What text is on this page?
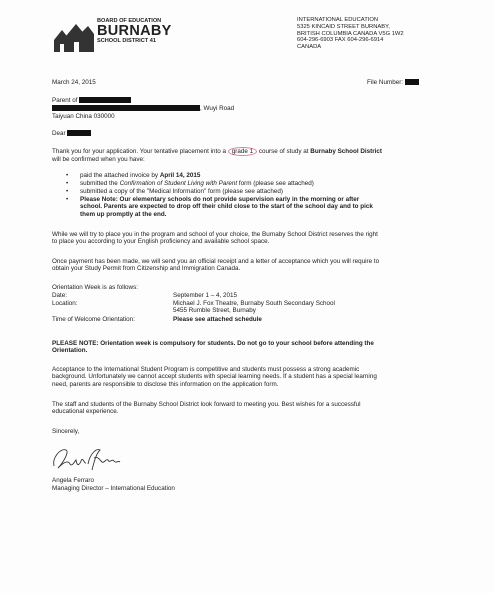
BOARD OF EDUCATION
BURNABY
SCHOOL DISTRICT 41
INTERNATIONAL EDUCATION
5325 KINCAID STREET BURNABY,
BRITISH COLUMBIA CANADA V5G 1W2
604-296-6903 FAX 604-296-6914
CANADA
March 24, 2015	File Number:
Parent of
, Wuyi Road
Taiyuan China 030000
Dear
Thank you for your application. Your tentative placement into a grade 1 course of study at Burnaby School District
will be confirmed when you have:
• paid the attached invoice by April 14, 2015
• submitted the Confirmation of Student Living with Parent form (please see attached)
• submitted a copy of the "Medical Information" form (please see attached)
• Please Note: Our elementary schools do not provide supervision early in the morning or after
school. Parents are expected to drop off their child close to the start of the school day and to pick
them up promptly at the end.
While we will try to place you in the program and school of your choice, the Burnaby School District reserves the right
to place you according to your English proficiency and available school space.
Once payment has been made, we will send you an official receipt and a letter of acceptance which you will require to
obtain your Study Permit from Citizenship and Immigration Canada.
Orientation Week is as follows:
Date:	September 1 – 4, 2015
Location:	Michael J. Fox Theatre, Burnaby South Secondary School
5455 Rumble Street, Burnaby
Time of Welcome Orientation:	Please see attached schedule
PLEASE NOTE: Orientation week is compulsory for students. Do not go to your school before attending the
Orientation.
Acceptance to the International Student Program is competitive and students must possess a strong academic
background. Unfortunately we cannot accept students with special learning needs. If a student has a special learning
need, parents are responsible to disclose this information on the application form.
The staff and students of the Burnaby School District look forward to meeting you. Best wishes for a successful
educational experience.
Sincerely,
Angela Ferraro
Managing Director – International Education
